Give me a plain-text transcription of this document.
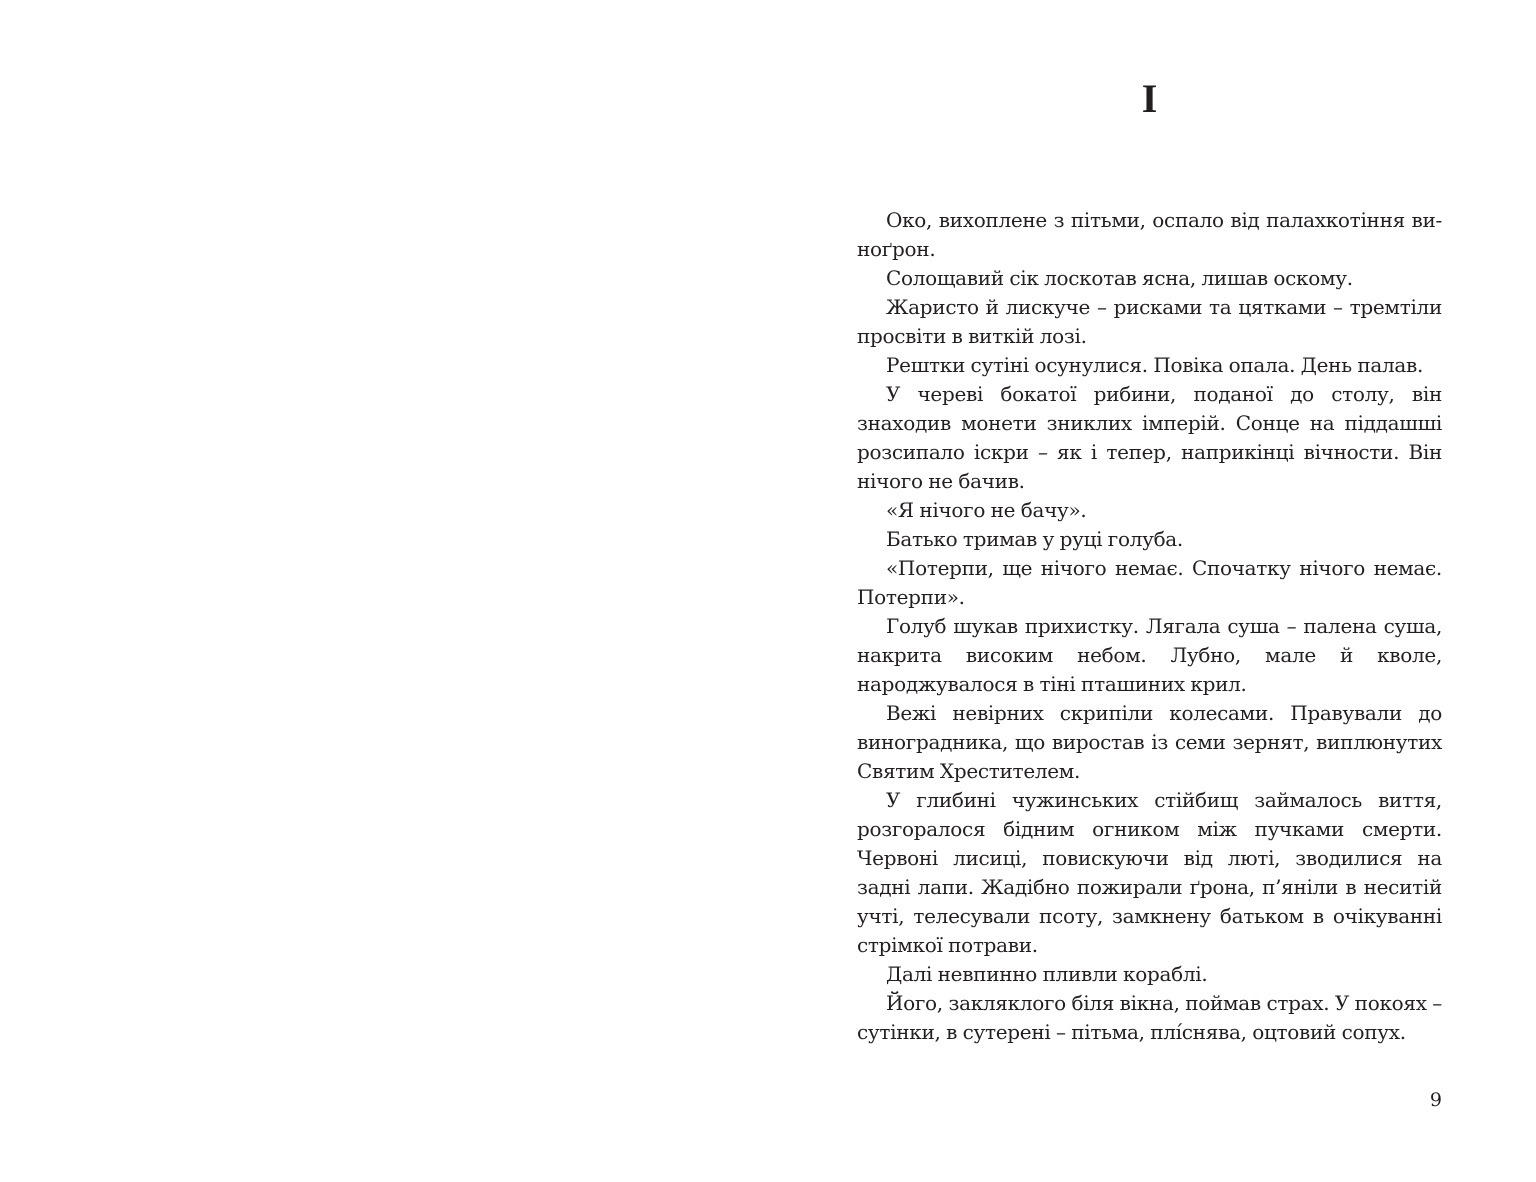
I

Око, вихоплене з пітьми, оспало від палахкотіння ви-ноґрон.

Солощавий сік лоскотав ясна, лишав оскому.

Жаристо й лискуче – рисками та цятками – тремтіли просвіти в виткій лозі.

Рештки сутіні осунулися. Повіка опала. День палав.

У череві бокатої рибини, поданої до столу, він знаходив монети зниклих імперій. Сонце на піддашші розсипало іскри – як і тепер, наприкінці вічности. Він нічого не бачив.

«Я нічого не бачу».

Батько тримав у руці голуба.

«Потерпи, ще нічого немає. Спочатку нічого немає. Потерпи».

Голуб шукав прихистку. Лягала суша – палена суша, накрита високим небом. Лубно, мале й кволе, народжувалося в тіні пташиних крил.

Вежі невірних скрипіли колесами. Правували до виноградника, що виростав із семи зернят, виплюнутих Святим Хрестителем.

У глибині чужинських стійбищ займалось виття, розгоралося бідним огником між пучками смерти. Червоні лисиці, повискуючи від люті, зводилися на задні лапи. Жадібно пожирали ґрона, п’яніли в неситій учті, телесували псоту, замкнену батьком в очікуванні стрімкої потрави.

Далі невпинно пливли кораблі.

Його, закляклого біля вікна, поймав страх. У покоях – сутінки, в сутерені – пітьма, плíснява, оцтовий сопух.

9
